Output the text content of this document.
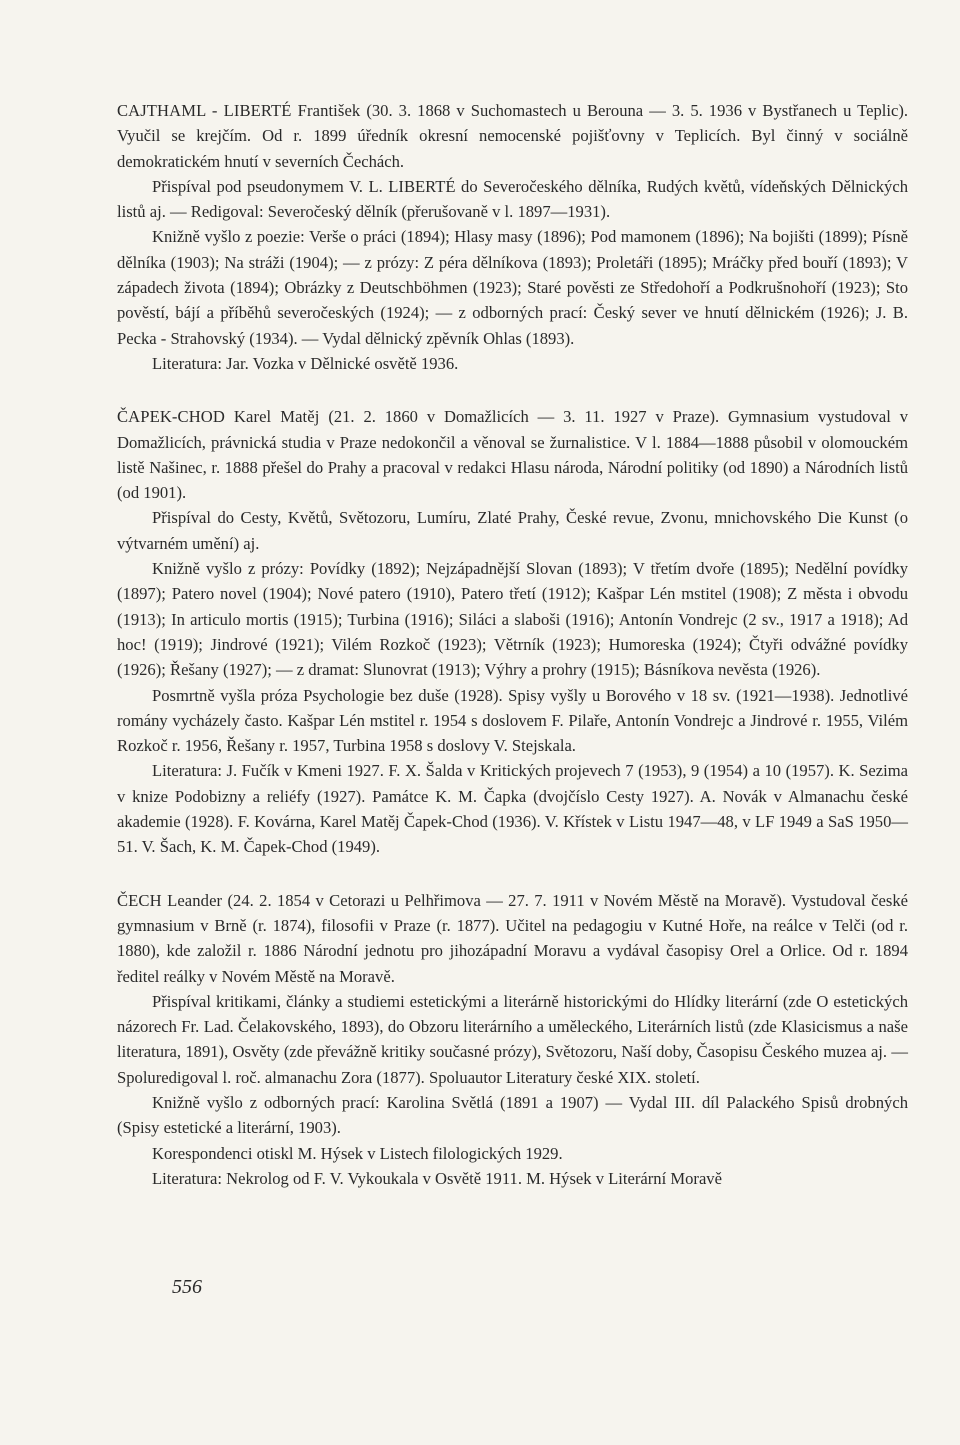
CAJTHAML - LIBERTÉ František (30. 3. 1868 v Suchomastech u Berouna — 3. 5. 1936 v Bystřanech u Teplic). Vyučil se krejčím. Od r. 1899 úředník okresní nemocenské pojišťovny v Teplicích. Byl činný v sociálně demokratickém hnutí v severních Čechách.

Přispíval pod pseudonymem V. L. LIBERTÉ do Severočeského dělníka, Rudých květů, vídeňských Dělnických listů aj. — Redigoval: Severočeský dělník (přerušovaně v l. 1897—1931).

Knižně vyšlo z poezie: Verše o práci (1894); Hlasy masy (1896); Pod mamonem (1896); Na bojišti (1899); Písně dělníka (1903); Na stráži (1904); — z prózy: Z péra dělníkova (1893); Proletáři (1895); Mráčky před bouří (1893); V západech života (1894); Obrázky z Deutschböhmen (1923); Staré pověsti ze Středohoří a Podkrušnohoří (1923); Sto pověstí, bájí a příběhů severočeských (1924); — z odborných prací: Český sever ve hnutí dělnickém (1926); J. B. Pecka - Strahovský (1934). — Vydal dělnický zpěvník Ohlas (1893).

Literatura: Jar. Vozka v Dělnické osvětě 1936.

ČAPEK-CHOD Karel Matěj (21. 2. 1860 v Domažlicích — 3. 11. 1927 v Praze). Gymnasium vystudoval v Domažlicích, právnická studia v Praze nedokončil a věnoval se žurnalistice. V l. 1884—1888 působil v olomouckém listě Našinec, r. 1888 přešel do Prahy a pracoval v redakci Hlasu národa, Národní politiky (od 1890) a Národních listů (od 1901).

Přispíval do Cesty, Květů, Světozoru, Lumíru, Zlaté Prahy, České revue, Zvonu, mnichovského Die Kunst (o výtvarném umění) aj.

Knižně vyšlo z prózy: Povídky (1892); Nejzápadnější Slovan (1893); V třetím dvoře (1895); Nedělní povídky (1897); Patero novel (1904); Nové patero (1910), Patero třetí (1912); Kašpar Lén mstitel (1908); Z města i obvodu (1913); In articulo mortis (1915); Turbina (1916); Siláci a slaboši (1916); Antonín Vondrejc (2 sv., 1917 a 1918); Ad hoc! (1919); Jindrové (1921); Vilém Rozkoč (1923); Větrník (1923); Humoreska (1924); Čtyři odvážné povídky (1926); Řešany (1927); — z dramat: Slunovrat (1913); Výhry a prohry (1915); Básníkova nevěsta (1926).

Posmrtně vyšla próza Psychologie bez duše (1928). Spisy vyšly u Borového v 18 sv. (1921—1938). Jednotlivé romány vycházely často. Kašpar Lén mstitel r. 1954 s doslovem F. Pilaře, Antonín Vondrejc a Jindrové r. 1955, Vilém Rozkoč r. 1956, Řešany r. 1957, Turbina 1958 s doslovy V. Stejskala.

Literatura: J. Fučík v Kmeni 1927. F. X. Šalda v Kritických projevech 7 (1953), 9 (1954) a 10 (1957). K. Sezima v knize Podobizny a reliéfy (1927). Památce K. M. Čapka (dvojčíslo Cesty 1927). A. Novák v Almanachu české akademie (1928). F. Kovárna, Karel Matěj Čapek-Chod (1936). V. Křístek v Listu 1947—48, v LF 1949 a SaS 1950—51. V. Šach, K. M. Čapek-Chod (1949).

ČECH Leander (24. 2. 1854 v Cetorazi u Pelhřimova — 27. 7. 1911 v Novém Městě na Moravě). Vystudoval české gymnasium v Brně (r. 1874), filosofii v Praze (r. 1877). Učitel na pedagogiu v Kutné Hoře, na reálce v Telči (od r. 1880), kde založil r. 1886 Národní jednotu pro jihozápadní Moravu a vydával časopisy Orel a Orlice. Od r. 1894 ředitel reálky v Novém Městě na Moravě.

Přispíval kritikami, články a studiemi estetickými a literárně historickými do Hlídky literární (zde O estetických názorech Fr. Lad. Čelakovského, 1893), do Obzoru literárního a uměleckého, Literárních listů (zde Klasicismus a naše literatura, 1891), Osvěty (zde převážně kritiky současné prózy), Světozoru, Naší doby, Časopisu Českého muzea aj. — Spoluredigoval l. roč. almanachu Zora (1877). Spoluautor Literatury české XIX. století.

Knižně vyšlo z odborných prací: Karolina Světlá (1891 a 1907) — Vydal III. díl Palackého Spisů drobných (Spisy estetické a literární, 1903).

Korespondenci otiskl M. Hýsek v Listech filologických 1929.

Literatura: Nekrolog od F. V. Vykoukala v Osvětě 1911. M. Hýsek v Literární Moravě

556
